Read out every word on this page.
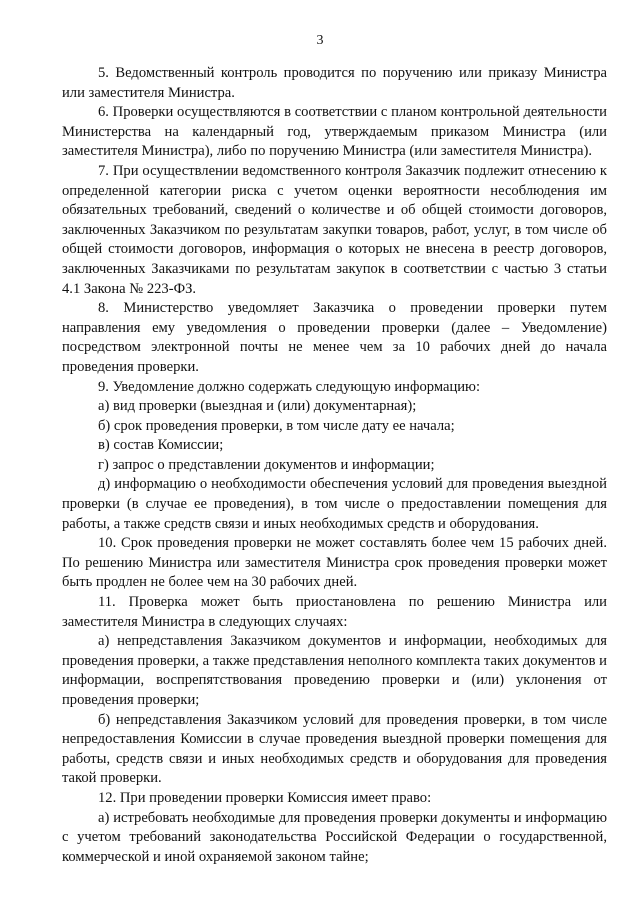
3

5. Ведомственный контроль проводится по поручению или приказу Министра или заместителя Министра.

6. Проверки осуществляются в соответствии с планом контрольной деятельности Министерства на календарный год, утверждаемым приказом Министра (или заместителя Министра), либо по поручению Министра (или заместителя Министра).

7. При осуществлении ведомственного контроля Заказчик подлежит отнесению к определенной категории риска с учетом оценки вероятности несоблюдения им обязательных требований, сведений о количестве и об общей стоимости договоров, заключенных Заказчиком по результатам закупки товаров, работ, услуг, в том числе об общей стоимости договоров, информация о которых не внесена в реестр договоров, заключенных Заказчиками по результатам закупок в соответствии с частью 3 статьи 4.1 Закона № 223-ФЗ.

8. Министерство уведомляет Заказчика о проведении проверки путем направления ему уведомления о проведении проверки (далее – Уведомление) посредством электронной почты не менее чем за 10 рабочих дней до начала проведения проверки.

9. Уведомление должно содержать следующую информацию:

а) вид проверки (выездная и (или) документарная);

б) срок проведения проверки, в том числе дату ее начала;

в) состав Комиссии;

г) запрос о представлении документов и информации;

д) информацию о необходимости обеспечения условий для проведения выездной проверки (в случае ее проведения), в том числе о предоставлении помещения для работы, а также средств связи и иных необходимых средств и оборудования.

10. Срок проведения проверки не может составлять более чем 15 рабочих дней. По решению Министра или заместителя Министра срок проведения проверки может быть продлен не более чем на 30 рабочих дней.

11. Проверка может быть приостановлена по решению Министра или заместителя Министра в следующих случаях:

а) непредставления Заказчиком документов и информации, необходимых для проведения проверки, а также представления неполного комплекта таких документов и информации, воспрепятствования проведению проверки и (или) уклонения от проведения проверки;

б) непредставления Заказчиком условий для проведения проверки, в том числе непредоставления Комиссии в случае проведения выездной проверки помещения для работы, средств связи и иных необходимых средств и оборудования для проведения такой проверки.

12. При проведении проверки Комиссия имеет право:

а) истребовать необходимые для проведения проверки документы и информацию с учетом требований законодательства Российской Федерации о государственной, коммерческой и иной охраняемой законом тайне;
